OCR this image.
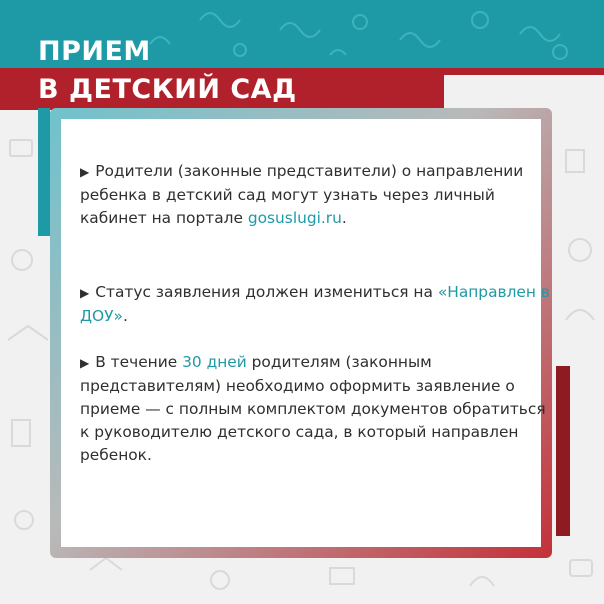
ПРИЕМ
В ДЕТСКИЙ САД
▶ Родители (законные представители) о направлении ребенка в детский сад могут узнать через личный кабинет на портале gosuslugi.ru.
▶ Статус заявления должен измениться на «Направлен в ДОУ».
▶ В течение 30 дней родителям (законным представителям) необходимо оформить заявление о приеме — с полным комплектом документов обратиться к руководителю детского сада, в который направлен ребенок.
